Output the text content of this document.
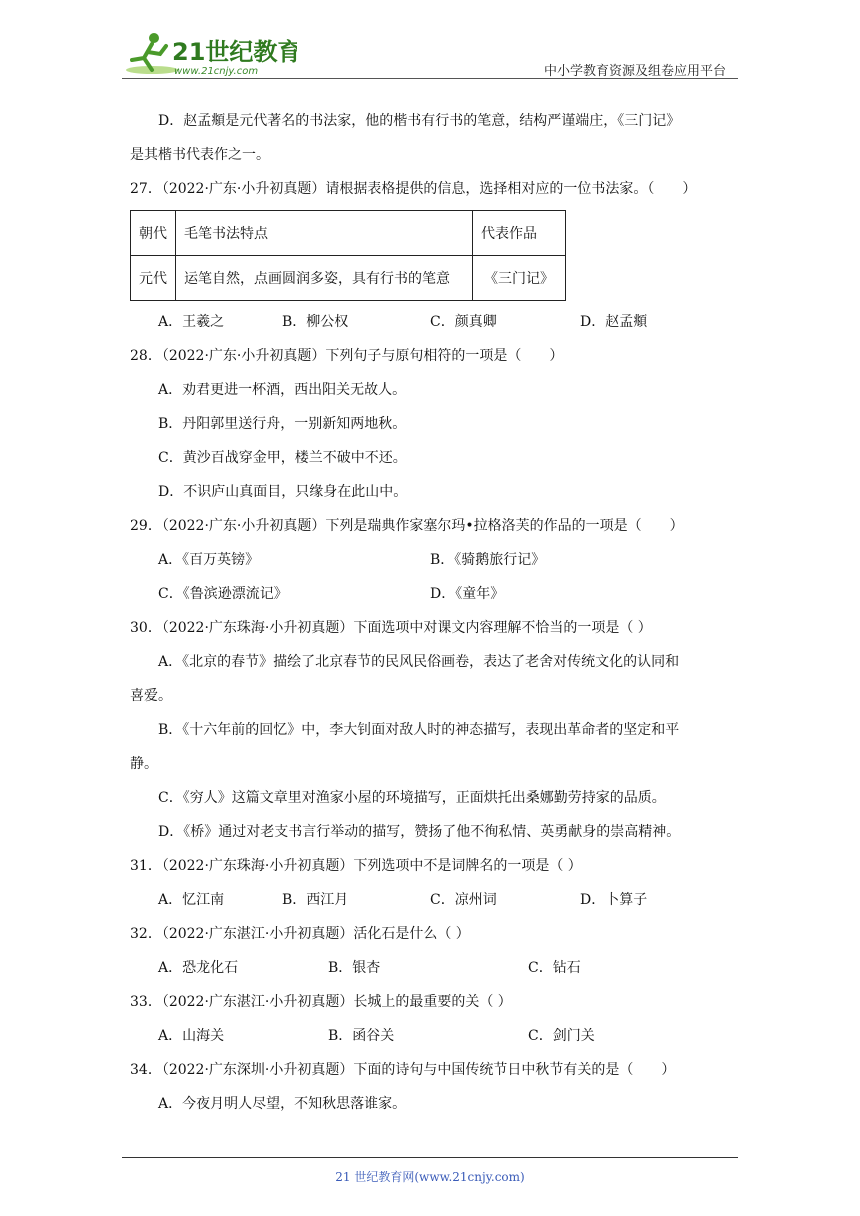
21世纪教育
www.21cnjy.com	中小学教育资源及组卷应用平台
D．赵孟頫是元代著名的书法家，他的楷书有行书的笔意，结构严谨端庄，《三门记》
是其楷书代表作之一。
27．（2022·广东·小升初真题）请根据表格提供的信息，选择相对应的一位书法家。（　　）
朝代	毛笔书法特点	代表作品
元代	运笔自然，点画圆润多姿，具有行书的笔意	《三门记》
A．王羲之	B．柳公权	C．颜真卿	D．赵孟頫
28．（2022·广东·小升初真题）下列句子与原句相符的一项是（　　）
A．劝君更进一杯酒，西出阳关无故人。
B．丹阳郭里送行舟，一别新知两地秋。
C．黄沙百战穿金甲，楼兰不破中不还。
D．不识庐山真面目，只缘身在此山中。
29．（2022·广东·小升初真题）下列是瑞典作家塞尔玛•拉格洛芙的作品的一项是（　　）
A．《百万英镑》	B．《骑鹅旅行记》
C．《鲁滨逊漂流记》	D．《童年》
30．（2022·广东珠海·小升初真题）下面选项中对课文内容理解不恰当的一项是（ ）
A．《北京的春节》描绘了北京春节的民风民俗画卷，表达了老舍对传统文化的认同和
喜爱。
B．《十六年前的回忆》中，李大钊面对敌人时的神态描写，表现出革命者的坚定和平
静。
C．《穷人》这篇文章里对渔家小屋的环境描写，正面烘托出桑娜勤劳持家的品质。
D．《桥》通过对老支书言行举动的描写，赞扬了他不徇私情、英勇献身的崇高精神。
31．（2022·广东珠海·小升初真题）下列选项中不是词牌名的一项是（ ）
A．忆江南	B．西江月	C．凉州词	D．卜算子
32．（2022·广东湛江·小升初真题）活化石是什么（ ）
A．恐龙化石	B．银杏	C．钻石
33．（2022·广东湛江·小升初真题）长城上的最重要的关（ ）
A．山海关	B．函谷关	C．剑门关
34．（2022·广东深圳·小升初真题）下面的诗句与中国传统节日中秋节有关的是（　　）
A．今夜月明人尽望，不知秋思落谁家。
21 世纪教育网(www.21cnjy.com)
